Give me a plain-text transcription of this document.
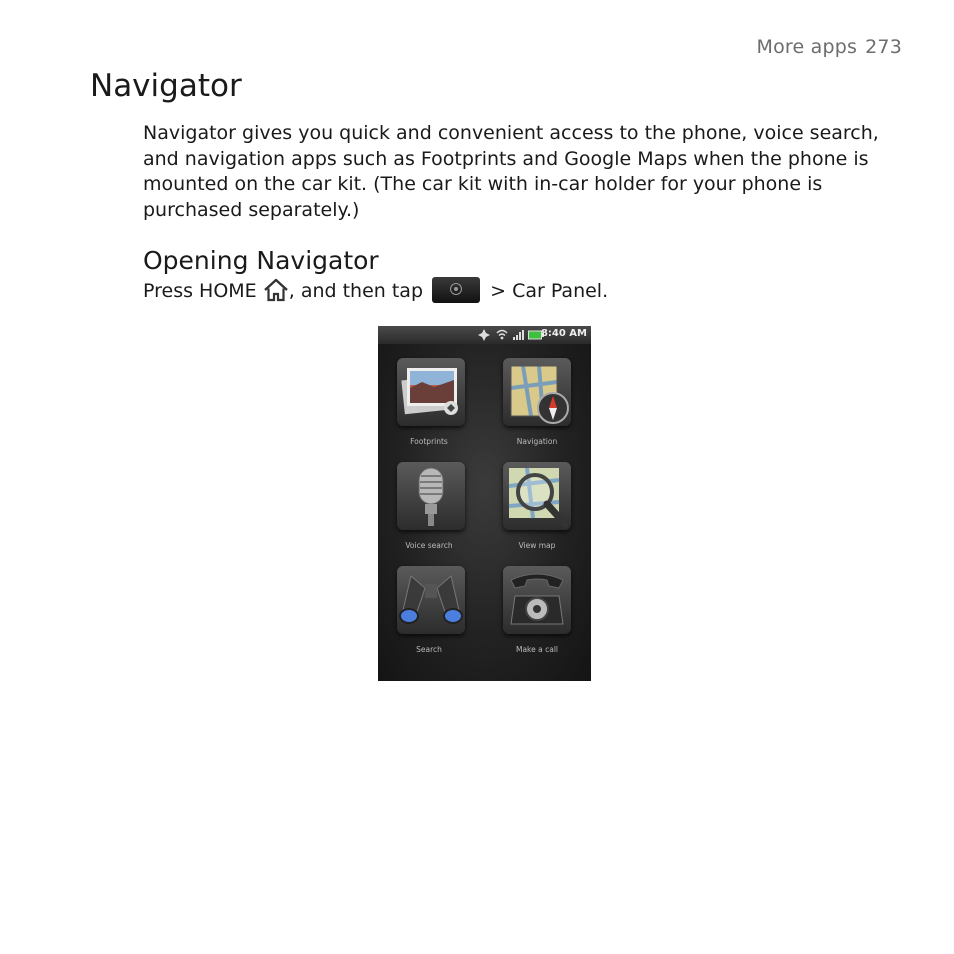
More apps 273
Navigator

Navigator gives you quick and convenient access to the phone, voice search, and navigation apps such as Footprints and Google Maps when the phone is mounted on the car kit. (The car kit with in-car holder for your phone is purchased separately.)

Opening Navigator

Press HOME , and then tap	> Car Panel.

8:40 AM
Footprints	Navigation
Voice search	View map
Search	Make a call
